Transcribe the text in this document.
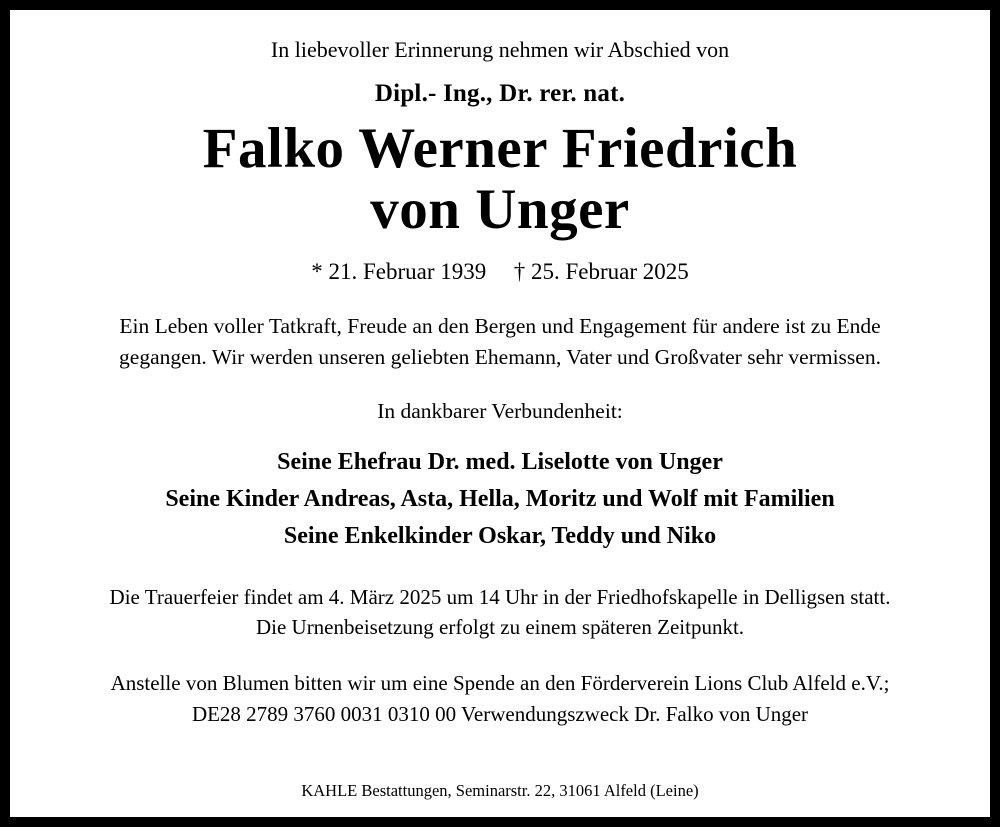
In liebevoller Erinnerung nehmen wir Abschied von
Dipl.- Ing., Dr. rer. nat.
Falko Werner Friedrich
von Unger
* 21. Februar 1939 † 25. Februar 2025
Ein Leben voller Tatkraft, Freude an den Bergen und Engagement für andere ist zu Ende
gegangen. Wir werden unseren geliebten Ehemann, Vater und Großvater sehr vermissen.
In dankbarer Verbundenheit:
Seine Ehefrau Dr. med. Liselotte von Unger
Seine Kinder Andreas, Asta, Hella, Moritz und Wolf mit Familien
Seine Enkelkinder Oskar, Teddy und Niko
Die Trauerfeier findet am 4. März 2025 um 14 Uhr in der Friedhofskapelle in Delligsen statt.
Die Urnenbeisetzung erfolgt zu einem späteren Zeitpunkt.
Anstelle von Blumen bitten wir um eine Spende an den Förderverein Lions Club Alfeld e.V.;
DE28 2789 3760 0031 0310 00 Verwendungszweck Dr. Falko von Unger
KAHLE Bestattungen, Seminarstr. 22, 31061 Alfeld (Leine)
